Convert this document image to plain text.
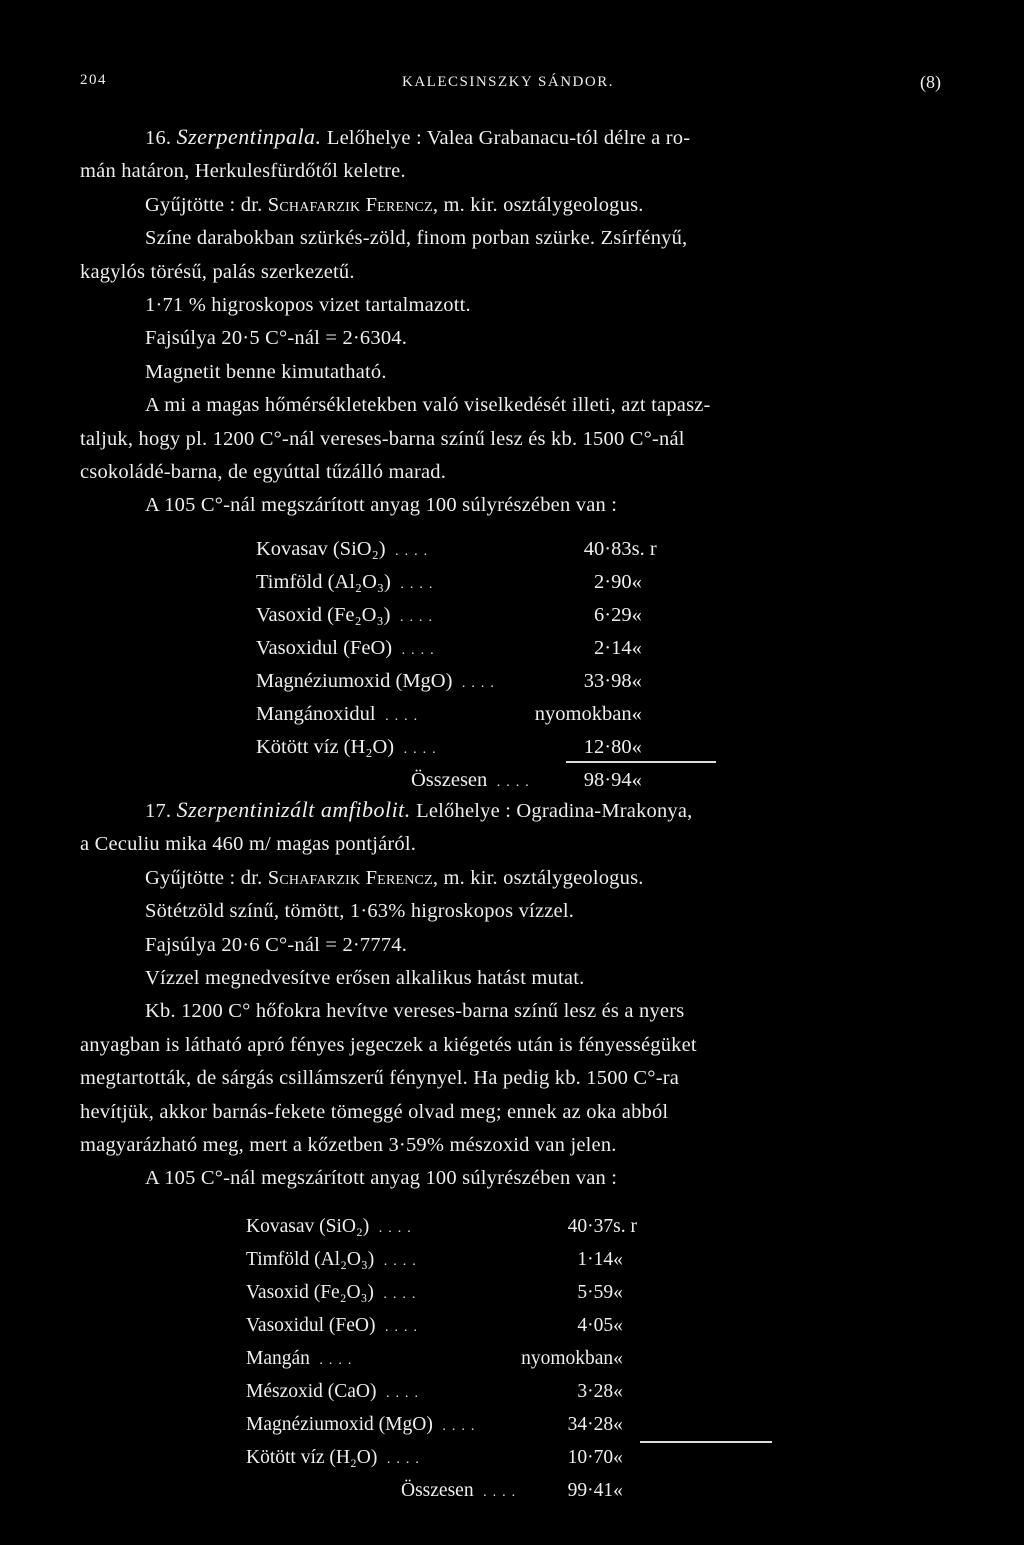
204	KALECSINSZKY SÁNDOR.	(8)

16. Szerpentinpala. Lelőhelye : Valea Grabanacu-tól délre a ro-

mán határon, Herkulesfürdőtől keletre.

Gyűjtötte : dr. Schafarzik Ferencz, m. kir. osztálygeologus.

Színe darabokban szürkés-zöld, finom porban szürke. Zsírfényű,

kagylós törésű, palás szerkezetű.

1·71 % higroskopos vizet tartalmazott.

Fajsúlya 20·5 C°-nál = 2·6304.

Magnetit benne kimutatható.

A mi a magas hőmérsékletekben való viselkedését illeti, azt tapasz-

taljuk, hogy pl. 1200 C°-nál vereses-barna színű lesz és kb. 1500 C°-nál

csokoládé-barna, de egyúttal tűzálló marad.

A 105 C°-nál megszárított anyag 100 súlyrészében van :

Kovasav (SiO₂) ....	40·83	s. r
Timföld (Al₂O₃) ....	2·90	«
Vasoxid (Fe₂O₃) ....	6·29	«
Vasoxidul (FeO) ....	2·14	«
Magnéziumoxid (MgO) ....	33·98	«
Mangánoxidul ....	nyomokban	«
Kötött víz (H₂O) ....	12·80	«
Összesen ....	98·94	«

17. Szerpentinizált amfibolit. Lelőhelye : Ogradina-Mrakonya,

a Ceculiu mika 460 m/ magas pontjáról.

Gyűjtötte : dr. Schafarzik Ferencz, m. kir. osztálygeologus.

Sötétzöld színű, tömött, 1·63% higroskopos vízzel.

Fajsúlya 20·6 C°-nál = 2·7774.

Vízzel megnedvesítve erősen alkalikus hatást mutat.

Kb. 1200 C° hőfokra hevítve vereses-barna színű lesz és a nyers

anyagban is látható apró fényes jegeczek a kiégetés után is fényességüket

megtartották, de sárgás csillámszerű fénynyel. Ha pedig kb. 1500 C°-ra

hevítjük, akkor barnás-fekete tömeggé olvad meg; ennek az oka abból

magyarázható meg, mert a kőzetben 3·59% mészoxid van jelen.

A 105 C°-nál megszárított anyag 100 súlyrészében van :

Kovasav (SiO₂) ....	40·37	s. r
Timföld (Al₂O₃) ....	1·14	«
Vasoxid (Fe₂O₃) ....	5·59	«
Vasoxidul (FeO) ....	4·05	«
Mangán ....	nyomokban	«
Mészoxid (CaO) ....	3·28	«
Magnéziumoxid (MgO) ....	34·28	«
Kötött víz (H₂O) ....	10·70	«
Összesen ....	99·41	«
